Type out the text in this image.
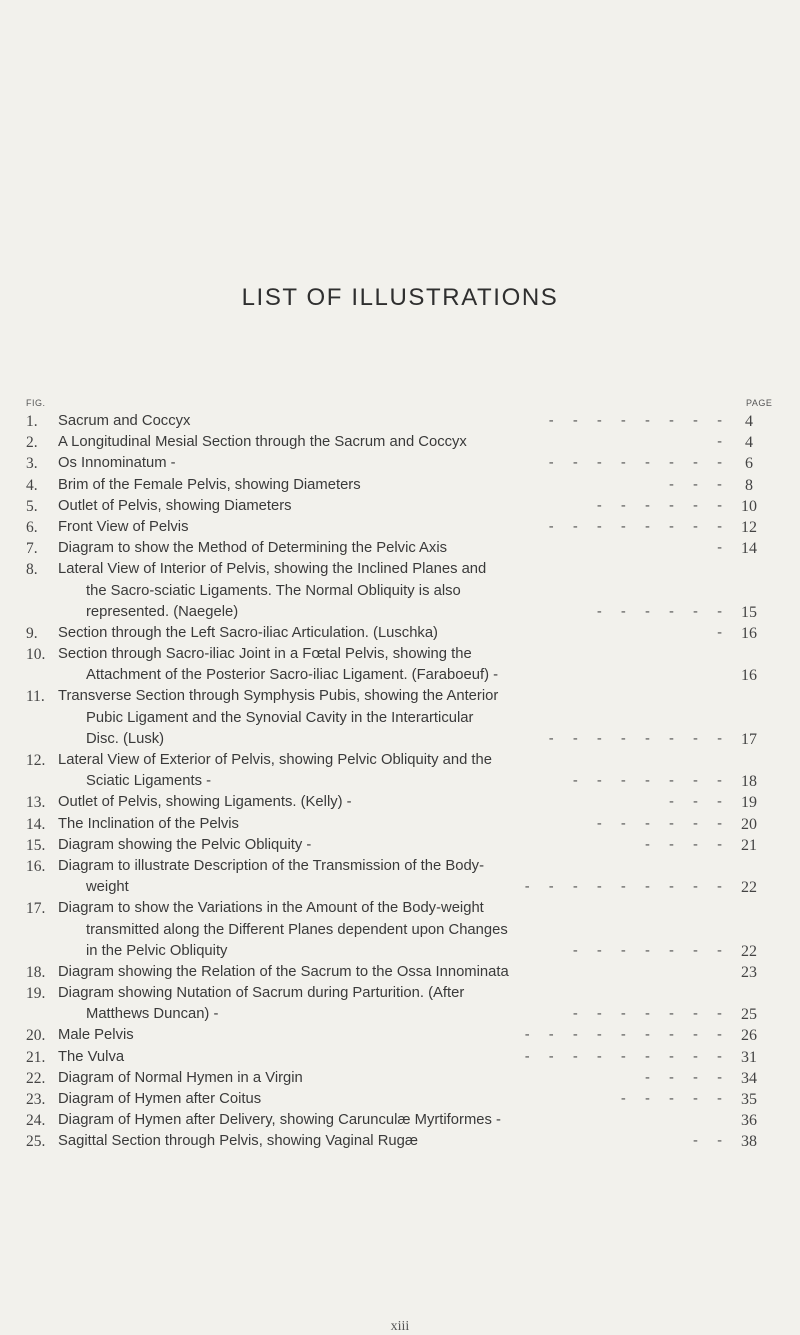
LIST OF ILLUSTRATIONS
FIG.	PAGE
1.	Sacrum and Coccyx	- - - - - - - -	4
2.	A Longitudinal Mesial Section through the Sacrum and Coccyx	-	4
3.	Os Innominatum -	- - - - - - - -	6
4.	Brim of the Female Pelvis, showing Diameters	- - -	8
5.	Outlet of Pelvis, showing Diameters	- - - - - -	10
6.	Front View of Pelvis	- - - - - - - -	12
7.	Diagram to show the Method of Determining the Pelvic Axis	-	14
8.	Lateral View of Interior of Pelvis, showing the Inclined Planes and
the Sacro-sciatic Ligaments. The Normal Obliquity is also
represented. (Naegele)	- - - - - -	15
9.	Section through the Left Sacro-iliac Articulation. (Luschka)	-	16
10. Section through Sacro-iliac Joint in a Fœtal Pelvis, showing the
Attachment of the Posterior Sacro-iliac Ligament. (Faraboeuf) -	16
11. Transverse Section through Symphysis Pubis, showing the Anterior
Pubic Ligament and the Synovial Cavity in the Interarticular
Disc. (Lusk)	- - - - - - - -	17
12. Lateral View of Exterior of Pelvis, showing Pelvic Obliquity and the
Sciatic Ligaments -	- - - - - - -	18
13. Outlet of Pelvis, showing Ligaments. (Kelly) -	- - -	19
14. The Inclination of the Pelvis	- - - - - -	20
15. Diagram showing the Pelvic Obliquity -	- - - -	21
16. Diagram to illustrate Description of the Transmission of the Body-
weight	- - - - - - - - -	22
17. Diagram to show the Variations in the Amount of the Body-weight
transmitted along the Different Planes dependent upon Changes
in the Pelvic Obliquity	- - - - - - -	22
18. Diagram showing the Relation of the Sacrum to the Ossa Innominata	23
19. Diagram showing Nutation of Sacrum during Parturition. (After
Matthews Duncan) -	- - - - - - -	25
20. Male Pelvis	- - - - - - - - -	26
21. The Vulva	- - - - - - - - -	31
22. Diagram of Normal Hymen in a Virgin	- - - -	34
23. Diagram of Hymen after Coitus	- - - - -	35
24. Diagram of Hymen after Delivery, showing Carunculæ Myrtiformes -	36
25. Sagittal Section through Pelvis, showing Vaginal Rugæ	- -	38
xiii
